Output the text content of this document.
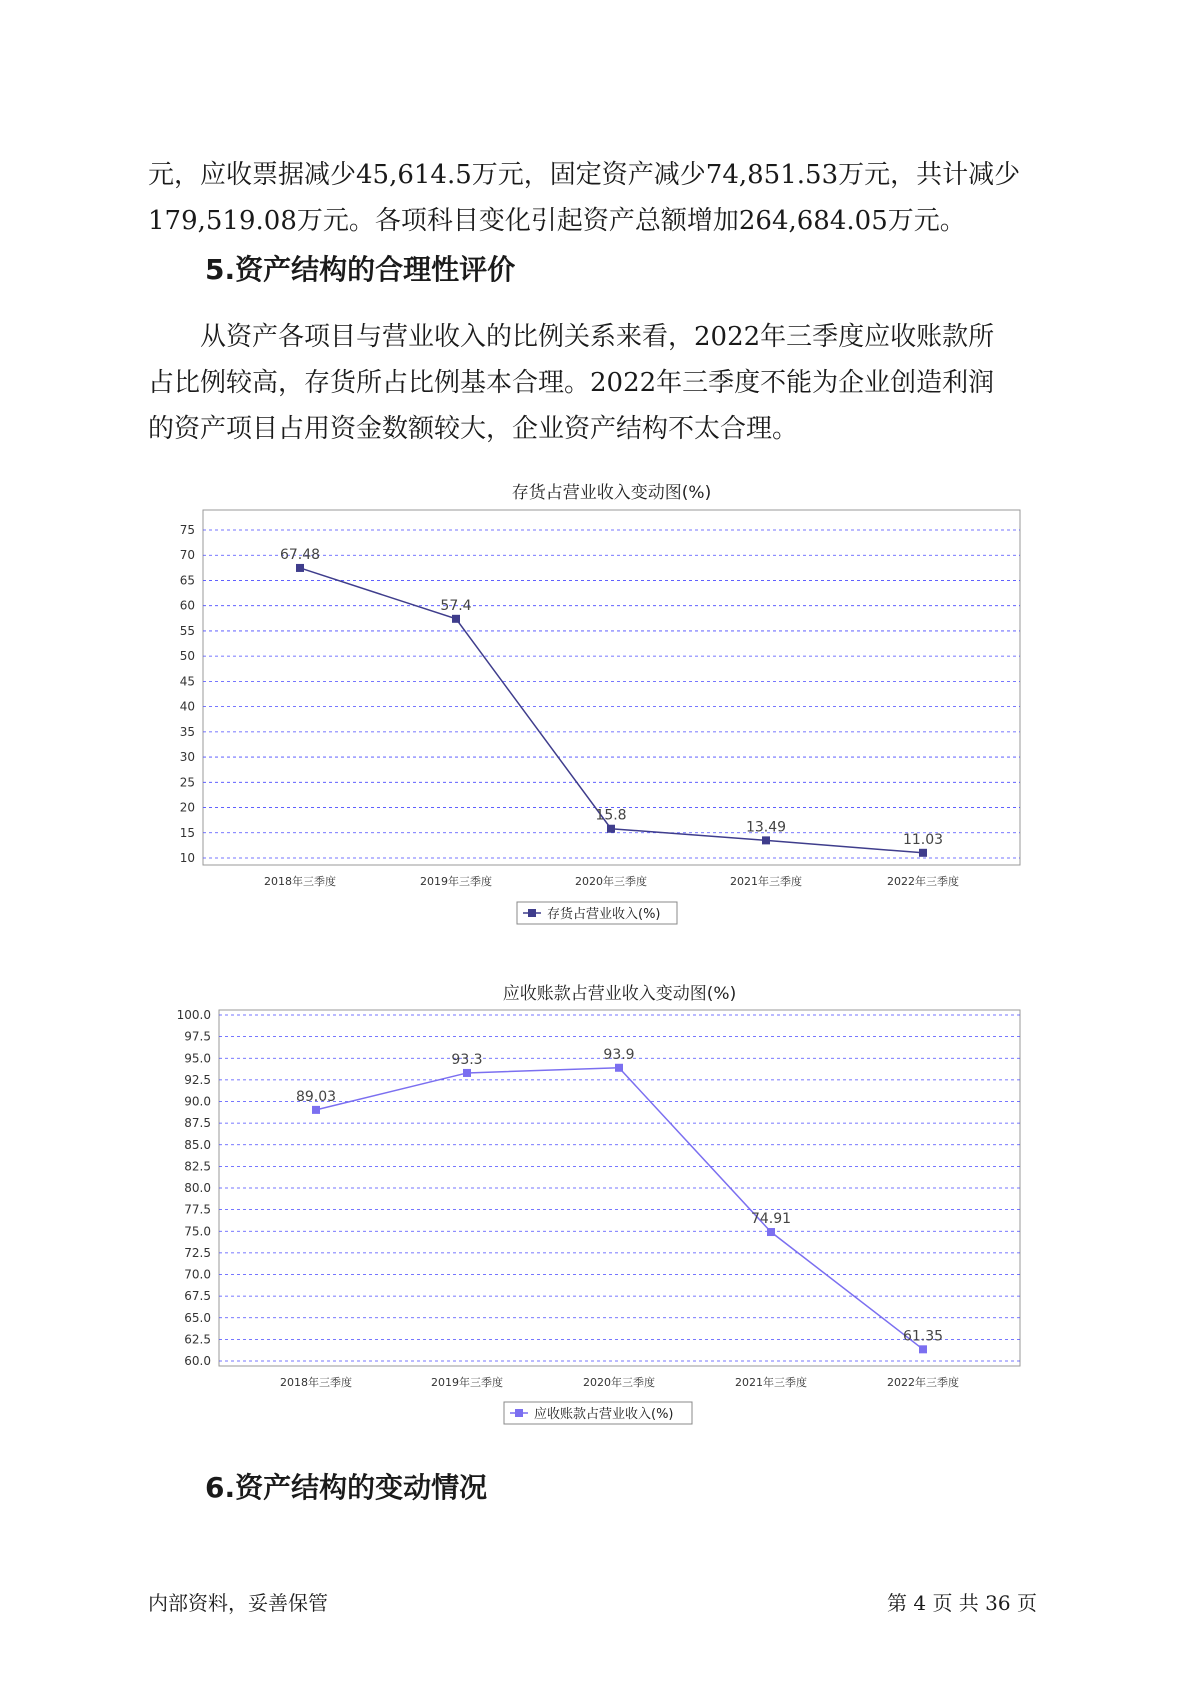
元，应收票据减少45,614.5万元，固定资产减少74,851.53万元，共计减少
179,519.08万元。各项科目变化引起资产总额增加264,684.05万元。

5.资产结构的合理性评价

　　从资产各项目与营业收入的比例关系来看，2022年三季度应收账款所
占比例较高，存货所占比例基本合理。2022年三季度不能为企业创造利润
的资产项目占用资金数额较大，企业资产结构不太合理。

存货占营业收入变动图(%)
75
70
65
60
55
50
45
40
35
30
25
20
15
10
2018年三季度	2019年三季度	2020年三季度	2021年三季度	2022年三季度
67.48
57.4
15.8
13.49
11.03
存货占营业收入(%)
应收账款占营业收入变动图(%)
100.0
97.5
95.0
92.5
90.0
87.5
85.0
82.5
80.0
77.5
75.0
72.5
70.0
67.5
65.0
62.5
60.0
2018年三季度	2019年三季度	2020年三季度	2021年三季度	2022年三季度
89.03
93.3	93.9
74.91
61.35
应收账款占营业收入(%)
6.资产结构的变动情况
内部资料，妥善保管	第 4 页 共 36 页
